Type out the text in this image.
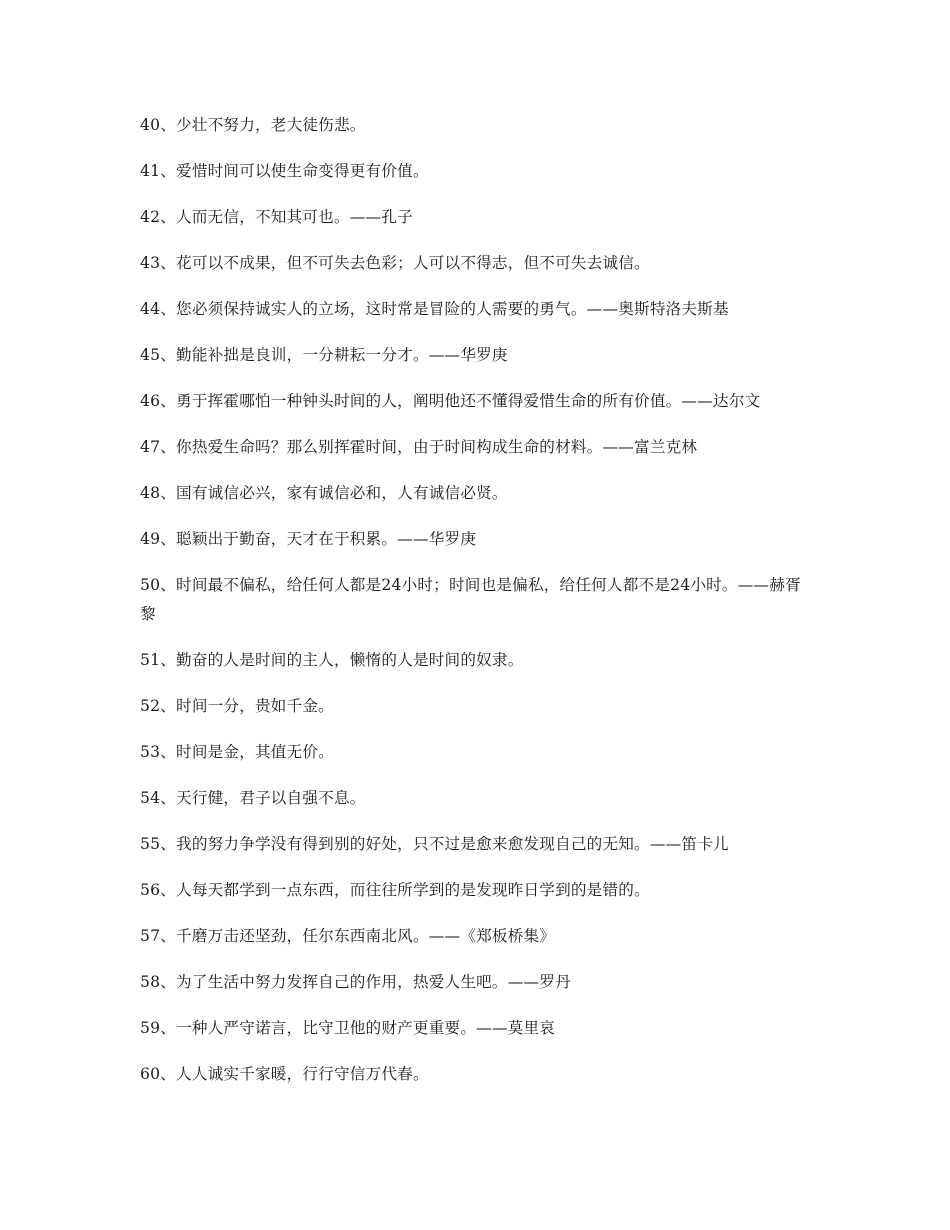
40、少壮不努力，老大徒伤悲。

41、爱惜时间可以使生命变得更有价值。

42、人而无信，不知其可也。——孔子

43、花可以不成果，但不可失去色彩；人可以不得志，但不可失去诚信。

44、您必须保持诚实人的立场，这时常是冒险的人需要的勇气。——奥斯特洛夫斯基

45、勤能补拙是良训，一分耕耘一分才。——华罗庚

46、勇于挥霍哪怕一种钟头时间的人，阐明他还不懂得爱惜生命的所有价值。——达尔文

47、你热爱生命吗？那么别挥霍时间，由于时间构成生命的材料。——富兰克林

48、国有诚信必兴，家有诚信必和，人有诚信必贤。

49、聪颖出于勤奋，天才在于积累。——华罗庚

50、时间最不偏私，给任何人都是24小时；时间也是偏私，给任何人都不是24小时。——赫胥黎

51、勤奋的人是时间的主人，懒惰的人是时间的奴隶。

52、时间一分，贵如千金。

53、时间是金，其值无价。

54、天行健，君子以自强不息。

55、我的努力争学没有得到别的好处，只不过是愈来愈发现自己的无知。——笛卡儿

56、人每天都学到一点东西，而往往所学到的是发现昨日学到的是错的。

57、千磨万击还坚劲，任尔东西南北风。——《郑板桥集》

58、为了生活中努力发挥自己的作用，热爱人生吧。——罗丹

59、一种人严守诺言，比守卫他的财产更重要。——莫里哀

60、人人诚实千家暖，行行守信万代春。
